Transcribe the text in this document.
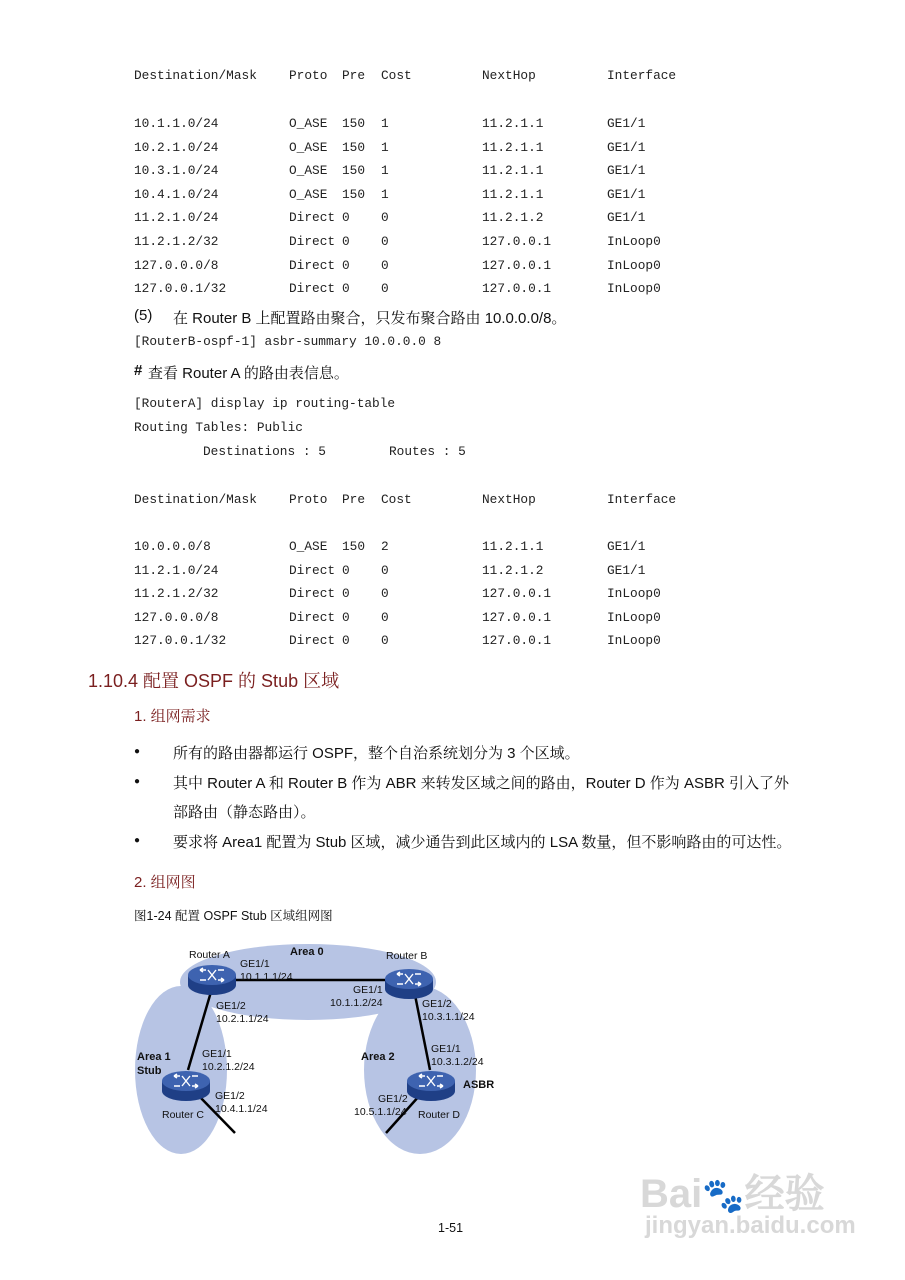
Destination/Mask	Proto Pre Cost	NextHop	Interface
10.1.1.0/24	O_ASE 150 1	11.2.1.1	GE1/1
10.2.1.0/24	O_ASE 150 1	11.2.1.1	GE1/1
10.3.1.0/24	O_ASE 150 1	11.2.1.1	GE1/1
10.4.1.0/24	O_ASE 150 1	11.2.1.1	GE1/1
11.2.1.0/24	Direct 0 0	11.2.1.2	GE1/1
11.2.1.2/32	Direct 0 0	127.0.0.1	InLoop0
127.0.0.0/8	Direct 0 0	127.0.0.1	InLoop0
127.0.0.1/32	Direct 0 0	127.0.0.1	InLoop0
(5) 在 Router B 上配置路由聚合，只发布聚合路由 10.0.0.0/8。
[RouterB-ospf-1] asbr-summary 10.0.0.0 8
# 查看 Router A 的路由表信息。
[RouterA] display ip routing-table
Routing Tables: Public
Destinations : 5	Routes : 5
Destination/Mask	Proto Pre Cost	NextHop	Interface
10.0.0.0/8	O_ASE 150 2	11.2.1.1	GE1/1
11.2.1.0/24	Direct 0 0	11.2.1.2	GE1/1
11.2.1.2/32	Direct 0 0	127.0.0.1	InLoop0
127.0.0.0/8	Direct 0 0	127.0.0.1	InLoop0
127.0.0.1/32	Direct 0 0	127.0.0.1	InLoop0
1.10.4 配置 OSPF 的 Stub 区域
1. 组网需求
● 所有的路由器都运行 OSPF，整个自治系统划分为 3 个区域。
● 其中 Router A 和 Router B 作为 ABR 来转发区域之间的路由，Router D 作为 ASBR 引入了外
部路由（静态路由）。
● 要求将 Area1 配置为 Stub 区域，减少通告到此区域内的 LSA 数量，但不影响路由的可达性。
2. 组网图
图1-24 配置 OSPF Stub 区域组网图
Area 0
Area 1
Stub
Area 2
ASBR
Router A	Router B
Router C	Router D
GE1/1
10.1.1.1/24
GE1/2
10.2.1.1/24
GE1/1
10.1.1.2/24	GE1/2
10.3.1.1/24
GE1/1
10.2.1.2/24
GE1/2
10.4.1.1/24
GE1/1
10.3.1.2/24
GE1/2
10.5.1.1/24
1-51
Bai🐾经验
jingyan.baidu.com
